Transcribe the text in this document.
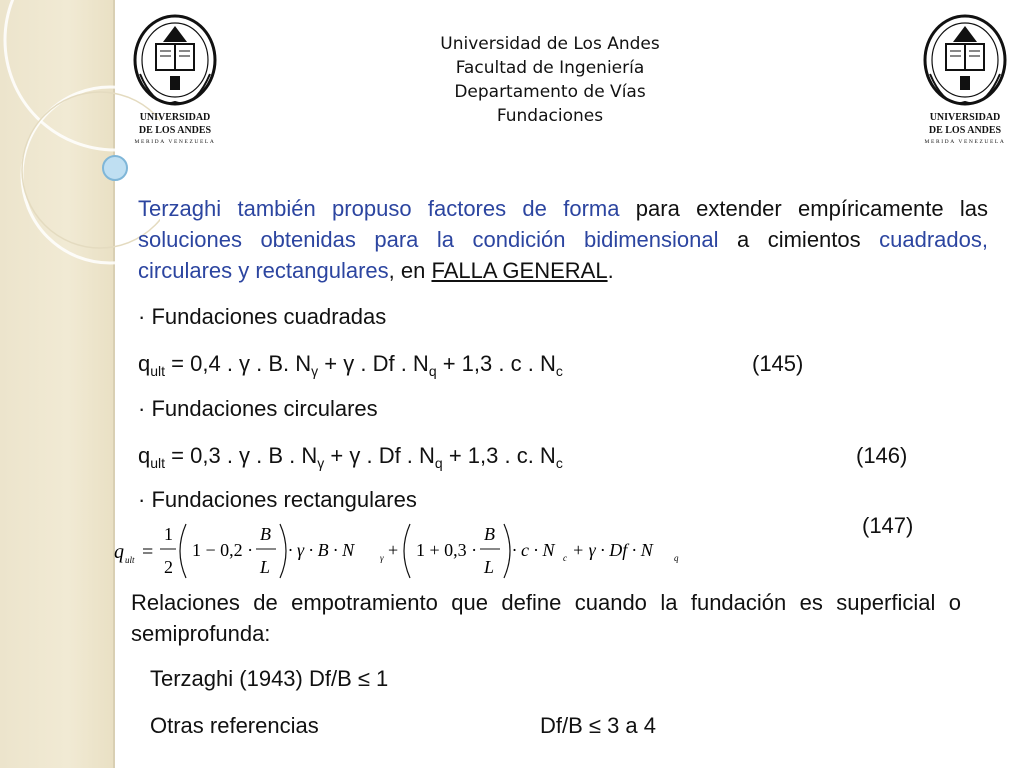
UNIVERSIDAD
DE LOS ANDES
MERIDA VENEZUELA
UNIVERSIDAD
DE LOS ANDES
MERIDA VENEZUELA
Universidad de Los Andes
Facultad de Ingeniería
Departamento de Vías
Fundaciones
Terzaghi también propuso factores de forma para extender empíricamente las soluciones obtenidas para la condición bidimensional a cimientos cuadrados, circulares y rectangulares, en FALLA GENERAL.
· Fundaciones cuadradas
$q_{ult} = 0,4$ . γ . B. $N_\gamma + \gamma$ . Df . $N_q + 1,3$ . c . $N_c$	(145)
· Fundaciones circulares
$q_{ult} = 0,3$ . γ . B . $N_\gamma + \gamma$ . Df . $N_q + 1,3$ . c. $N_c$	(146)
· Fundaciones rectangulares
(147)
q ult =
1
2
1 − 0,2 ·
B
L
· γ · B · N	γ + 1 + 0,3 ·
B
L
· c · N c + γ · Df · N q
Relaciones de empotramiento que define cuando la fundación es superficial o semiprofunda:
Terzaghi (1943) Df/B ≤ 1
Otras referencias	Df/B ≤ 3 a 4
